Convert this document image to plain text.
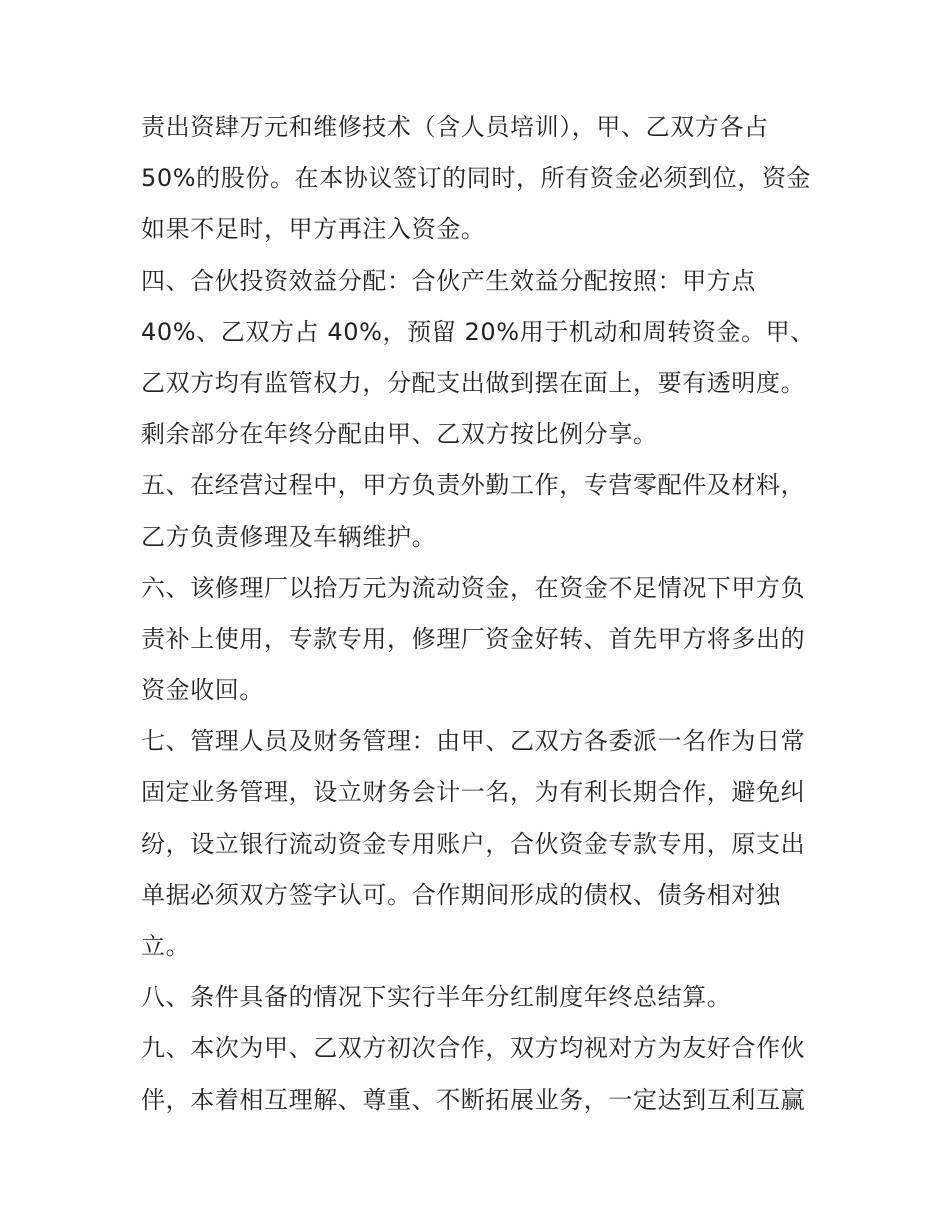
责出资肆万元和维修技术（含人员培训），甲、乙双方各占
50%的股份。在本协议签订的同时，所有资金必须到位，资金
如果不足时，甲方再注入资金。
四、合伙投资效益分配：合伙产生效益分配按照：甲方点
40%、乙双方占 40%，预留 20%用于机动和周转资金。甲、
乙双方均有监管权力，分配支出做到摆在面上，要有透明度。
剩余部分在年终分配由甲、乙双方按比例分享。
五、在经营过程中，甲方负责外勤工作，专营零配件及材料，
乙方负责修理及车辆维护。
六、该修理厂以拾万元为流动资金，在资金不足情况下甲方负
责补上使用，专款专用，修理厂资金好转、首先甲方将多出的
资金收回。
七、管理人员及财务管理：由甲、乙双方各委派一名作为日常
固定业务管理，设立财务会计一名，为有利长期合作，避免纠
纷，设立银行流动资金专用账户，合伙资金专款专用，原支出
单据必须双方签字认可。合作期间形成的债权、债务相对独
立。
八、条件具备的情况下实行半年分红制度年终总结算。
九、本次为甲、乙双方初次合作，双方均视对方为友好合作伙
伴，本着相互理解、尊重、不断拓展业务，一定达到互利互赢
